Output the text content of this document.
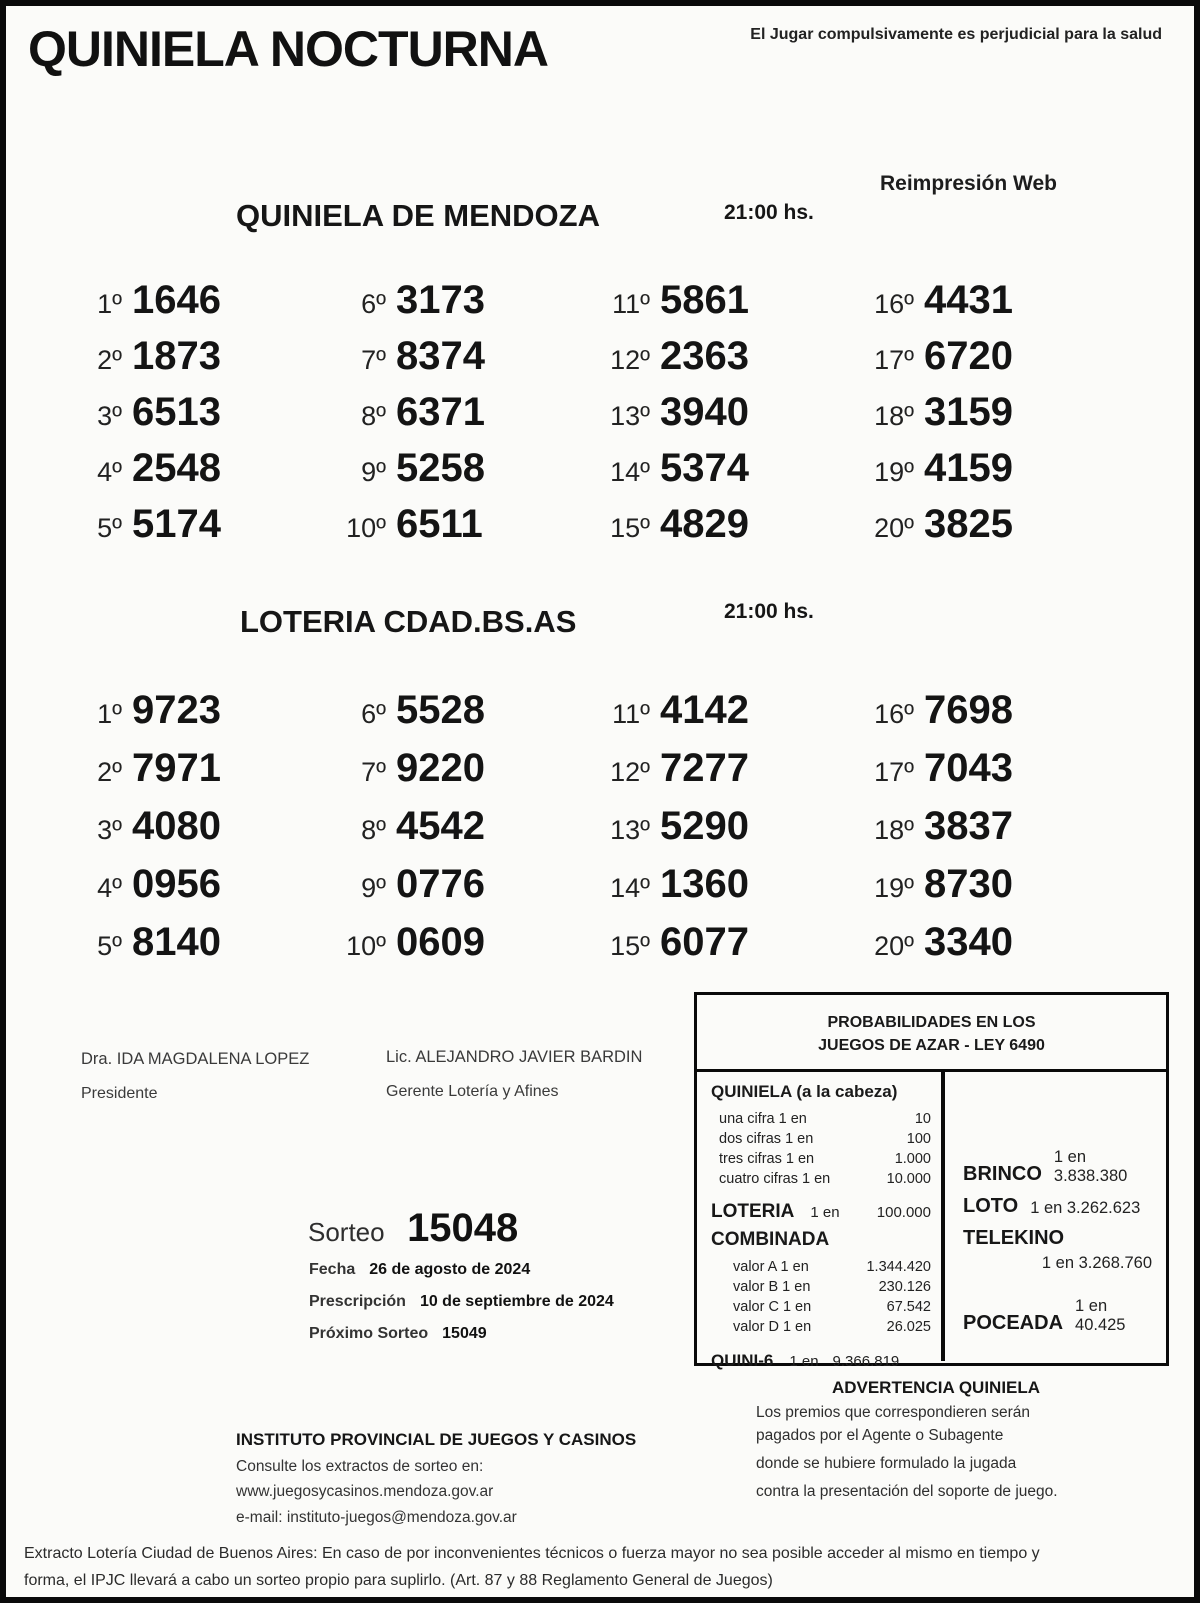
QUINIELA NOCTURNA	El Jugar compulsivamente es perjudicial para la salud
Reimpresión Web
QUINIELA DE MENDOZA	21:00 hs.
1º 1646
2º 1873
3º 6513
4º 2548
5º 5174
6º 3173
7º 8374
8º 6371
9º 5258
10º 6511
11º 5861
12º 2363
13º 3940
14º 5374
15º 4829
16º 4431
17º 6720
18º 3159
19º 4159
20º 3825
LOTERIA CDAD.BS.AS	21:00 hs.
1º 9723
2º 7971
3º 4080
4º 0956
5º 8140
6º 5528
7º 9220
8º 4542
9º 0776
10º 0609
11º 4142
12º 7277
13º 5290
14º 1360
15º 6077
16º 7698
17º 7043
18º 3837
19º 8730
20º 3340
Dra. IDA MAGDALENA LOPEZ
Presidente
Lic. ALEJANDRO JAVIER BARDIN
Gerente Lotería y Afines
PROBABILIDADES EN LOS
JUEGOS DE AZAR - LEY 6490
QUINIELA (a la cabeza)
una cifra 1 en	10
dos cifras 1 en	100
tres cifras 1 en	1.000
cuatro cifras 1 en	10.000
LOTERIA 1 en	100.000
COMBINADA
valor A 1 en	1.344.420
valor B 1 en	230.126
valor C 1 en	67.542
valor D 1 en	26.025
QUINI-6 1 en 9.366.819
BRINCO
1 en 3.838.380
LOTO 1 en 3.262.623
TELEKINO
1 en 3.268.760
POCEADA
1 en 40.425
Sorteo 15048
Fecha 26 de agosto de 2024
Prescripción 10 de septiembre de 2024
Próximo Sorteo 15049
ADVERTENCIA QUINIELA
Los premios que correspondieren serán
pagados por el Agente o Subagente
donde se hubiere formulado la jugada
contra la presentación del soporte de juego.
INSTITUTO PROVINCIAL DE JUEGOS Y CASINOS
Consulte los extractos de sorteo en:
www.juegosycasinos.mendoza.gov.ar
e-mail: instituto-juegos@mendoza.gov.ar
Extracto Lotería Ciudad de Buenos Aires: En caso de por inconvenientes técnicos o fuerza mayor no sea posible acceder al mismo en tiempo y
forma, el IPJC llevará a cabo un sorteo propio para suplirlo. (Art. 87 y 88 Reglamento General de Juegos)
